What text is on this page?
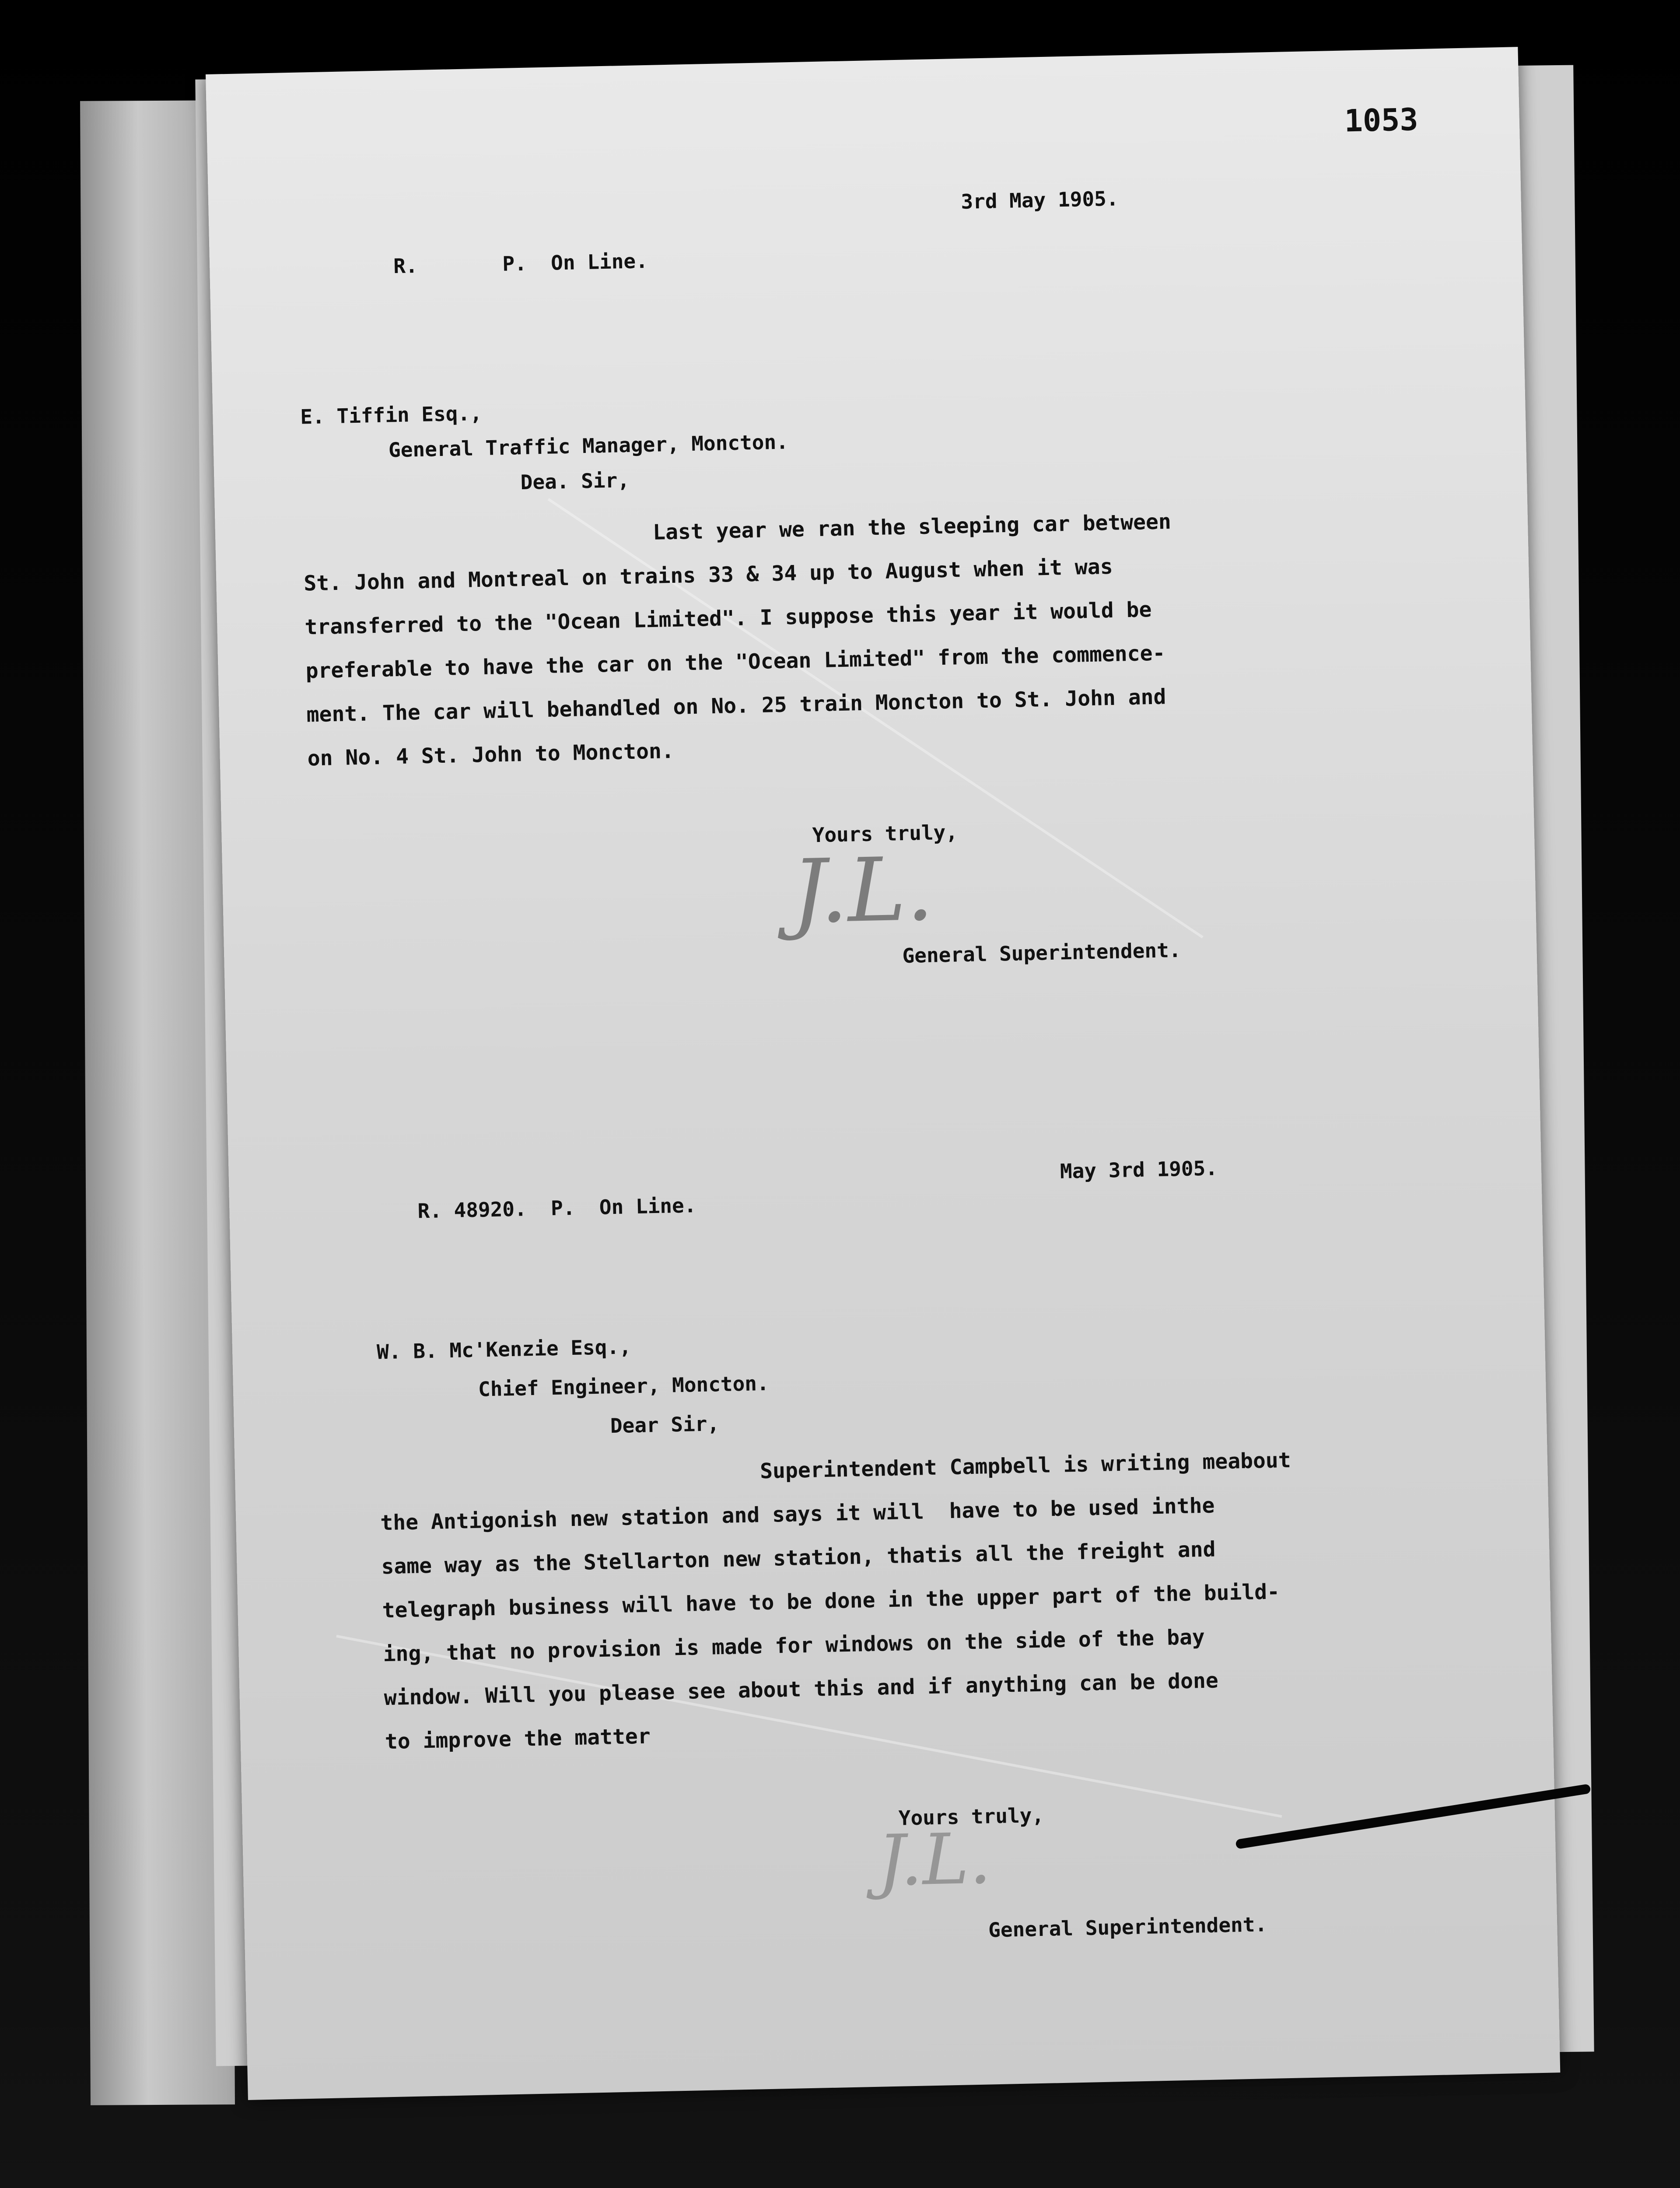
1053
3rd May 1905.
R.       P.  On Line.
E. Tiffin Esq.,
General Traffic Manager, Moncton.
Dea. Sir,
Last year we ran the sleeping car between
St. John and Montreal on trains 33 & 34 up to August when it was
transferred to the "Ocean Limited". I suppose this year it would be
preferable to have the car on the "Ocean Limited" from the commence-
ment. The car will behandled on No. 25 train Moncton to St. John and
on No. 4 St. John to Moncton.
Yours truly,
J.L.
General Superintendent.
May 3rd 1905.
R. 48920.  P.  On Line.
W. B. Mc'Kenzie Esq.,
Chief Engineer, Moncton.
Dear Sir,
Superintendent Campbell is writing meabout
the Antigonish new station and says it will  have to be used inthe
same way as the Stellarton new station, thatis all the freight and
telegraph business will have to be done in the upper part of the build-
ing, that no provision is made for windows on the side of the bay
window. Will you please see about this and if anything can be done
to improve the matter
Yours truly,
J.L.
General Superintendent.
